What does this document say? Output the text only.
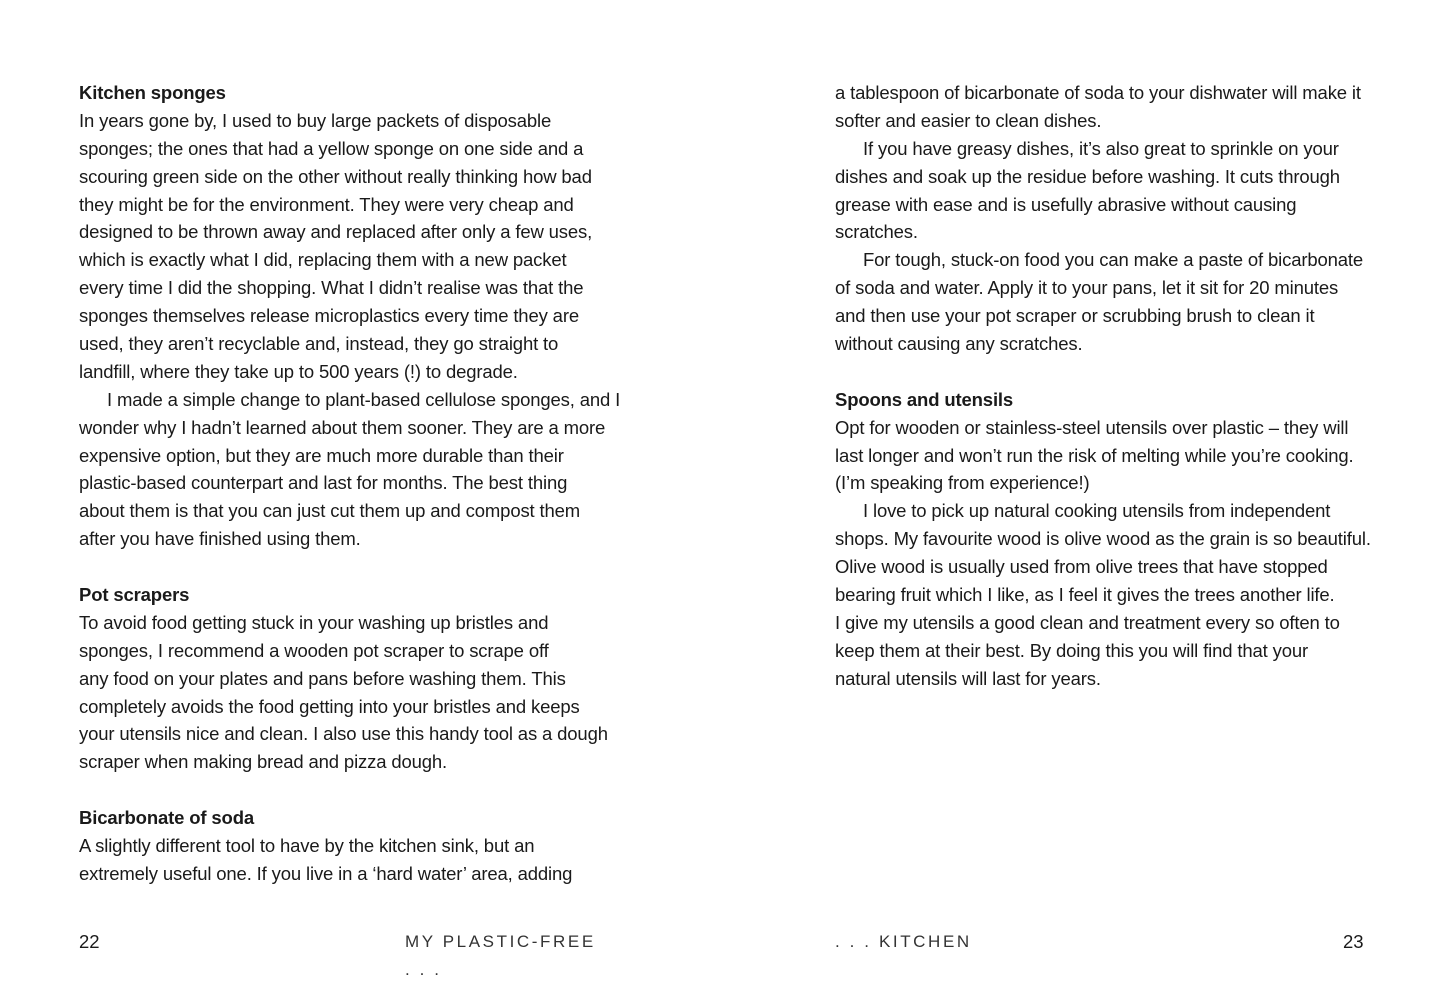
Kitchen sponges
In years gone by, I used to buy large packets of disposable
sponges; the ones that had a yellow sponge on one side and a
scouring green side on the other without really thinking how bad
they might be for the environment. They were very cheap and
designed to be thrown away and replaced after only a few uses,
which is exactly what I did, replacing them with a new packet
every time I did the shopping. What I didn’t realise was that the
sponges themselves release microplastics every time they are
used, they aren’t recyclable and, instead, they go straight to
landfill, where they take up to 500 years (!) to degrade.
I made a simple change to plant-based cellulose sponges, and I
wonder why I hadn’t learned about them sooner. They are a more
expensive option, but they are much more durable than their
plastic-based counterpart and last for months. The best thing
about them is that you can just cut them up and compost them
after you have finished using them.
Pot scrapers
To avoid food getting stuck in your washing up bristles and
sponges, I recommend a wooden pot scraper to scrape off
any food on your plates and pans before washing them. This
completely avoids the food getting into your bristles and keeps
your utensils nice and clean. I also use this handy tool as a dough
scraper when making bread and pizza dough.
Bicarbonate of soda
A slightly different tool to have by the kitchen sink, but an
extremely useful one. If you live in a ‘hard water’ area, adding
22	MY PLASTIC-FREE . . .
a tablespoon of bicarbonate of soda to your dishwater will make it
softer and easier to clean dishes.
If you have greasy dishes, it’s also great to sprinkle on your
dishes and soak up the residue before washing. It cuts through
grease with ease and is usefully abrasive without causing
scratches.
For tough, stuck-on food you can make a paste of bicarbonate
of soda and water. Apply it to your pans, let it sit for 20 minutes
and then use your pot scraper or scrubbing brush to clean it
without causing any scratches.
Spoons and utensils
Opt for wooden or stainless-steel utensils over plastic – they will
last longer and won’t run the risk of melting while you’re cooking.
(I’m speaking from experience!)
I love to pick up natural cooking utensils from independent
shops. My favourite wood is olive wood as the grain is so beautiful.
Olive wood is usually used from olive trees that have stopped
bearing fruit which I like, as I feel it gives the trees another life.
I give my utensils a good clean and treatment every so often to
keep them at their best. By doing this you will find that your
natural utensils will last for years.
. . . KITCHEN	23
